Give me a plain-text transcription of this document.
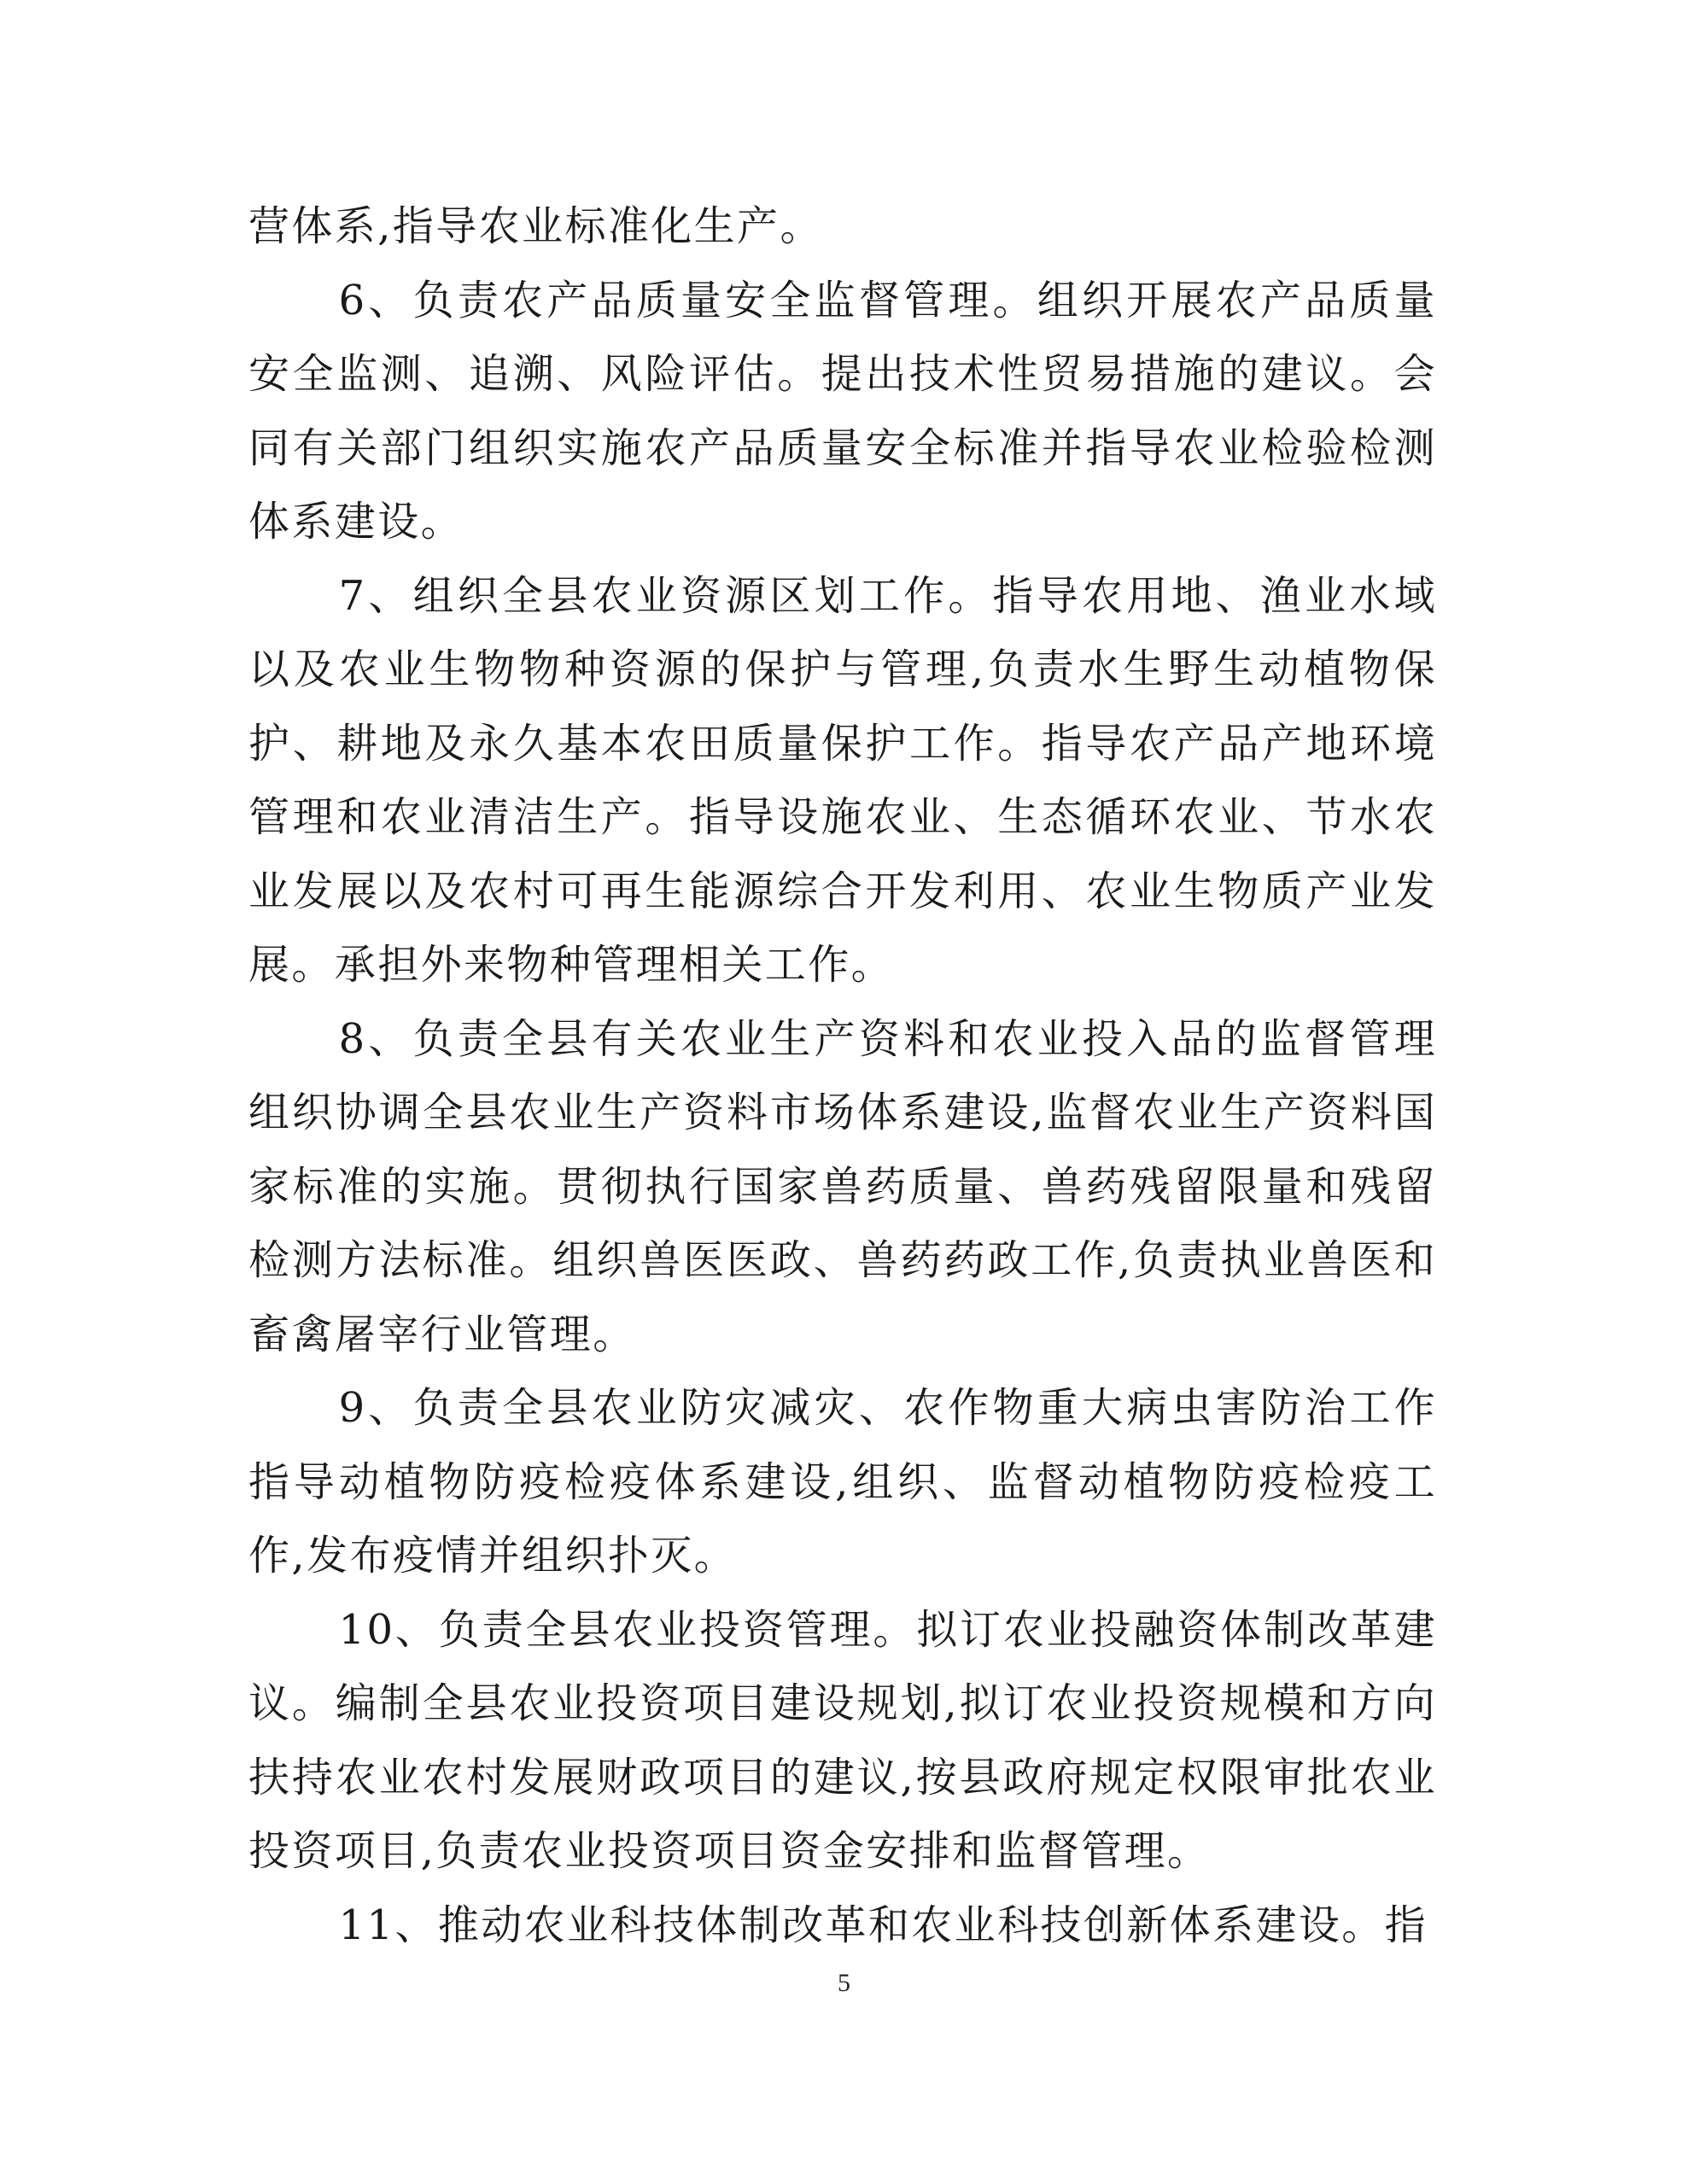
营体系,指导农业标准化生产。

6、负责农产品质量安全监督管理。组织开展农产品质量安全监测、追溯、风险评估。提出技术性贸易措施的建议。会同有关部门组织实施农产品质量安全标准并指导农业检验检测体系建设。

7、组织全县农业资源区划工作。指导农用地、渔业水域以及农业生物物种资源的保护与管理,负责水生野生动植物保护、耕地及永久基本农田质量保护工作。指导农产品产地环境管理和农业清洁生产。指导设施农业、生态循环农业、节水农业发展以及农村可再生能源综合开发利用、农业生物质产业发展。承担外来物种管理相关工作。

8、负责全县有关农业生产资料和农业投入品的监督管理组织协调全县农业生产资料市场体系建设,监督农业生产资料国家标准的实施。贯彻执行国家兽药质量、兽药残留限量和残留检测方法标准。组织兽医医政、兽药药政工作,负责执业兽医和畜禽屠宰行业管理。

9、负责全县农业防灾减灾、农作物重大病虫害防治工作指导动植物防疫检疫体系建设,组织、监督动植物防疫检疫工作,发布疫情并组织扑灭。

10、负责全县农业投资管理。拟订农业投融资体制改革建议。编制全县农业投资项目建设规划,拟订农业投资规模和方向扶持农业农村发展财政项目的建议,按县政府规定权限审批农业投资项目,负责农业投资项目资金安排和监督管理。

11、推动农业科技体制改革和农业科技创新体系建设。指

5
